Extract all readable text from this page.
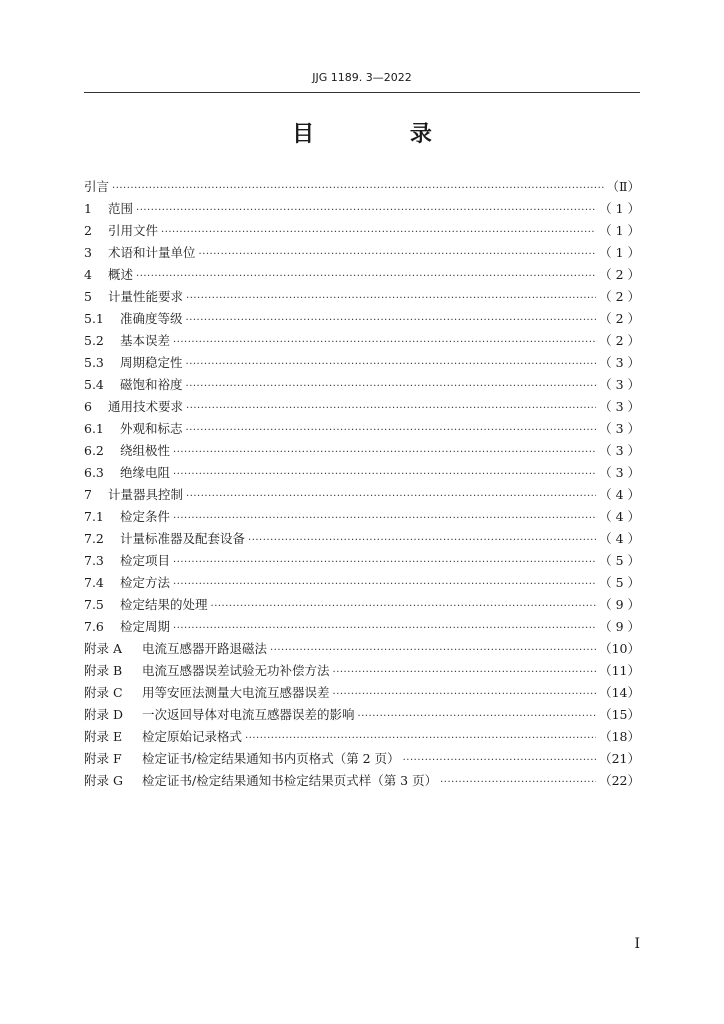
JJG 1189. 3—2022
目 录
引言 ·····	（Ⅱ）
1	范围 ·····	（ 1 ）
2	引用文件 ·····	（ 1 ）
3	术语和计量单位 ·····	（ 1 ）
4	概述 ·····	（ 2 ）
5	计量性能要求 ·····	（ 2 ）
5.1	准确度等级 ·····	（ 2 ）
5.2	基本误差 ·····	（ 2 ）
5.3	周期稳定性 ·····	（ 3 ）
5.4	磁饱和裕度 ·····	（ 3 ）
6	通用技术要求 ·····	（ 3 ）
6.1	外观和标志 ·····	（ 3 ）
6.2	绕组极性 ·····	（ 3 ）
6.3	绝缘电阻 ·····	（ 3 ）
7	计量器具控制 ·····	（ 4 ）
7.1	检定条件 ·····	（ 4 ）
7.2	计量标准器及配套设备 ·····	（ 4 ）
7.3	检定项目 ·····	（ 5 ）
7.4	检定方法 ·····	（ 5 ）
7.5	检定结果的处理 ·····	（ 9 ）
7.6	检定周期 ·····	（ 9 ）
附录 A	电流互感器开路退磁法 ·····	（10）
附录 B	电流互感器误差试验无功补偿方法 ·····	（11）
附录 C	用等安匝法测量大电流互感器误差 ·····	（14）
附录 D	一次返回导体对电流互感器误差的影响 ·····	（15）
附录 E	检定原始记录格式 ·····	（18）
附录 F	检定证书/检定结果通知书内页格式（第 2 页） ·····	（21）
附录 G	检定证书/检定结果通知书检定结果页式样（第 3 页） ·····	（22）
I
